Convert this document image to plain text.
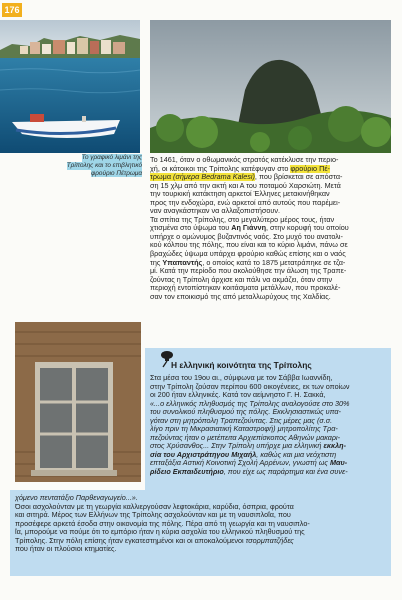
176
Το γραφικό λιμάνι της Τρίπολης και το επιβλητικό φρούριο Πέτρωμα
Το 1461, όταν ο οθωμανικός στρατός κατέκλυσε την περιο-
χή, οι κάτοικοι της Τρίπολης κατέφυγαν στο φρούριο Πέ-
τρωμα (σήμερα Bedrama Kalesi), που βρίσκεται σε απόστα-
ση 15 χλμ από την ακτή και Α του ποταμού Χαρσιώτη. Μετά
την τουρκική κατάκτηση αρκετοί Έλληνες μετακινήθηκαν
προς την ενδοχώρα, ενώ αρκετοί από αυτούς που παρέμει-
ναν αναγκάστηκαν να αλλαξοπιστήσουν.
Τα σπίτια της Τρίπολης, στο μεγαλύτερο μέρος τους, ήταν
χτισμένα στο ύψωμα του Αη Γιάννη, στην κορυφή του οποίου
υπήρχε ο ομώνυμος βυζαντινός ναός. Στο μυχό του ανατολι-
κού κόλπου της πόλης, που είναι και το κύριο λιμάνι, πάνω σε
βραχώδες ύψωμα υπάρχει φρούριο καθώς επίσης και ο ναός
της Υπαπαντής, ο οποίος κατά το 1875 μετατράπηκε σε τζα-
μί. Κατά την περίοδο που ακολούθησε την άλωση της Τραπε-
ζούντας η Τρίπολη άρχισε και πάλι να ακμάζει, όταν στην
περιοχή εντοπίστηκαν κοιτάσματα μετάλλων, που προκαλέ-
σαν τον εποικισμό της από μεταλλωρύχους της Χαλδίας.
Η ελληνική κοινότητα της Τρίπολης
Στα μέσα του 19ου αι., σύμφωνα με τον Σάββα Ιωαννίδη,
στην Τρίπολη ζούσαν περίπου 600 οικογένειες, εκ των οποίων
οι 200 ήταν ελληνικές. Κατά τον αείμνηστο Γ. Η. Σακκά,
«...ο ελληνικός πληθυσμός της Τρίπολης αναλογούσε στο 30%
του συνολικού πληθυσμού της πόλης. Εκκλησιαστικώς υπα-
γόταν στη μητρόπολη Τραπεζούντας. Στις μέρες μας (σ.σ.
λίγο πριν τη Μικρασιατική Καταστροφή) μητροπολίτης Τρα-
πεζούντας ήταν ο μετέπειτα Αρχιεπίσκοπος Αθηνών μακαρι-
στος Χρύσανθος... Στην Τρίπολη υπήρχε μια ελληνική εκκλη-
σία του Αρχιστράτηγου Μιχαήλ, καθώς και μια νεόχτιστη
επταξάξια Αστική Κοινοτική Σχολή Αρρένων, γνωστή ως Μαυ-
ρίδειο Εκπαιδευτήριο, που είχε ως παράρτημα και ένα συνε-
χόμενο πεντατάξιο Παρθεναγωγείο...».
Όσοι ασχολούνταν με τη γεωργία καλλιεργούσαν λεφτοκάρια, καρύδια, όσπρια, φρούτα
και σιτηρά. Μέρος των Ελλήνων της Τρίπολης ασχολούνταν και με τη ναυσιπλοΐα, που
προσέφερε αρκετά έσοδα στην οικονομία της πόλης. Πέρα από τη γεωργία και τη ναυσιπλο-
ΐα, μπορούμε να πούμε ότι το εμπόριο ήταν η κύρια ασχολία του ελληνικού πληθυσμού της
Τρίπολης. Στην πόλη επίσης ήταν εγκατεστημένοι και οι αποκαλούμενοι τσορμπατζήδες
που ήταν οι πλούσιοι κτηματίες.
